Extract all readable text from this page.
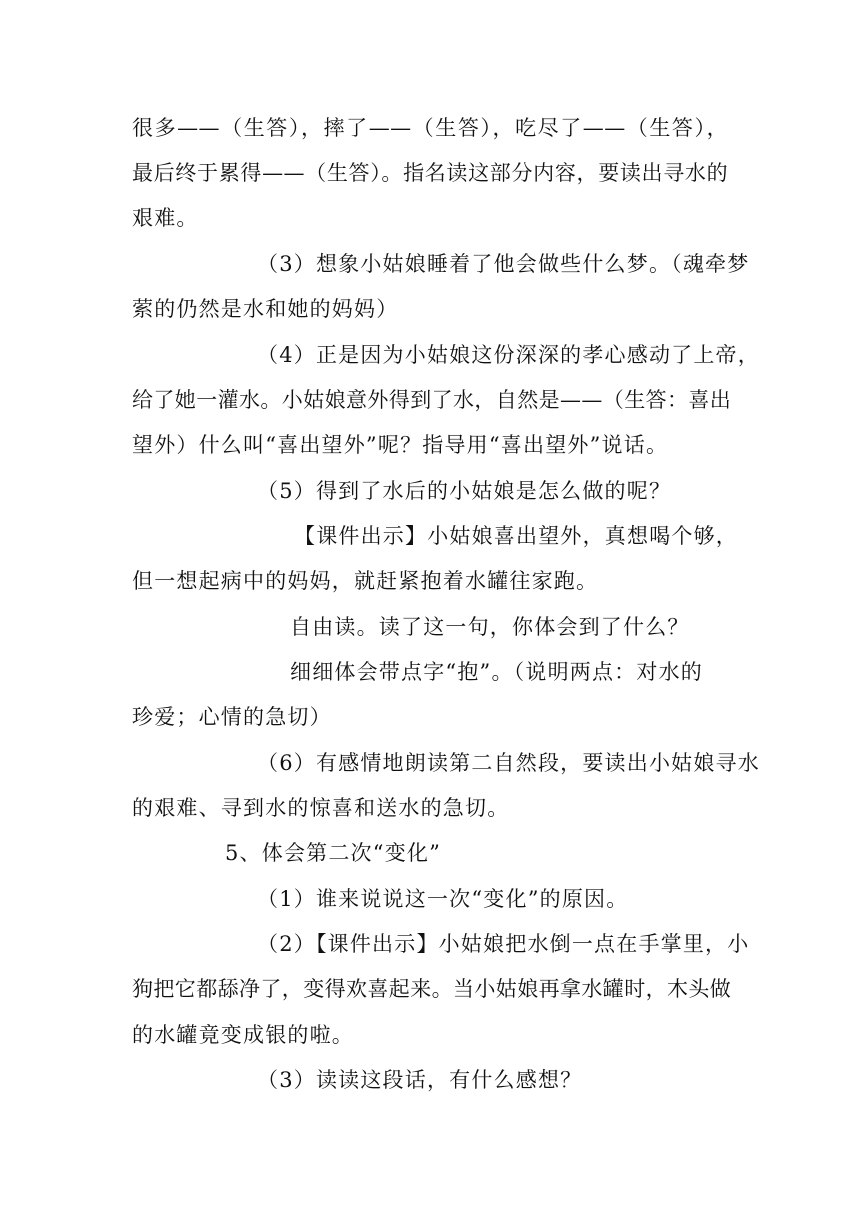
很多——（生答），摔了——（生答），吃尽了——（生答），
最后终于累得——（生答）。指名读这部分内容，要读出寻水的
艰难。
（3）想象小姑娘睡着了他会做些什么梦。（魂牵梦
萦的仍然是水和她的妈妈）
（4）正是因为小姑娘这份深深的孝心感动了上帝，
给了她一灌水。小姑娘意外得到了水，自然是——（生答：喜出
望外）什么叫“喜出望外”呢？指导用“喜出望外”说话。
（5）得到了水后的小姑娘是怎么做的呢？
【课件出示】小姑娘喜出望外，真想喝个够，
但一想起病中的妈妈，就赶紧抱着水罐往家跑。
自由读。读了这一句，你体会到了什么？
细细体会带点字“抱”。（说明两点：对水的
珍爱；心情的急切）
（6）有感情地朗读第二自然段，要读出小姑娘寻水
的艰难、寻到水的惊喜和送水的急切。
5、体会第二次“变化”
（1）谁来说说这一次“变化”的原因。
（2）【课件出示】小姑娘把水倒一点在手掌里，小
狗把它都舔净了，变得欢喜起来。当小姑娘再拿水罐时，木头做
的水罐竟变成银的啦。
（3）读读这段话，有什么感想？
